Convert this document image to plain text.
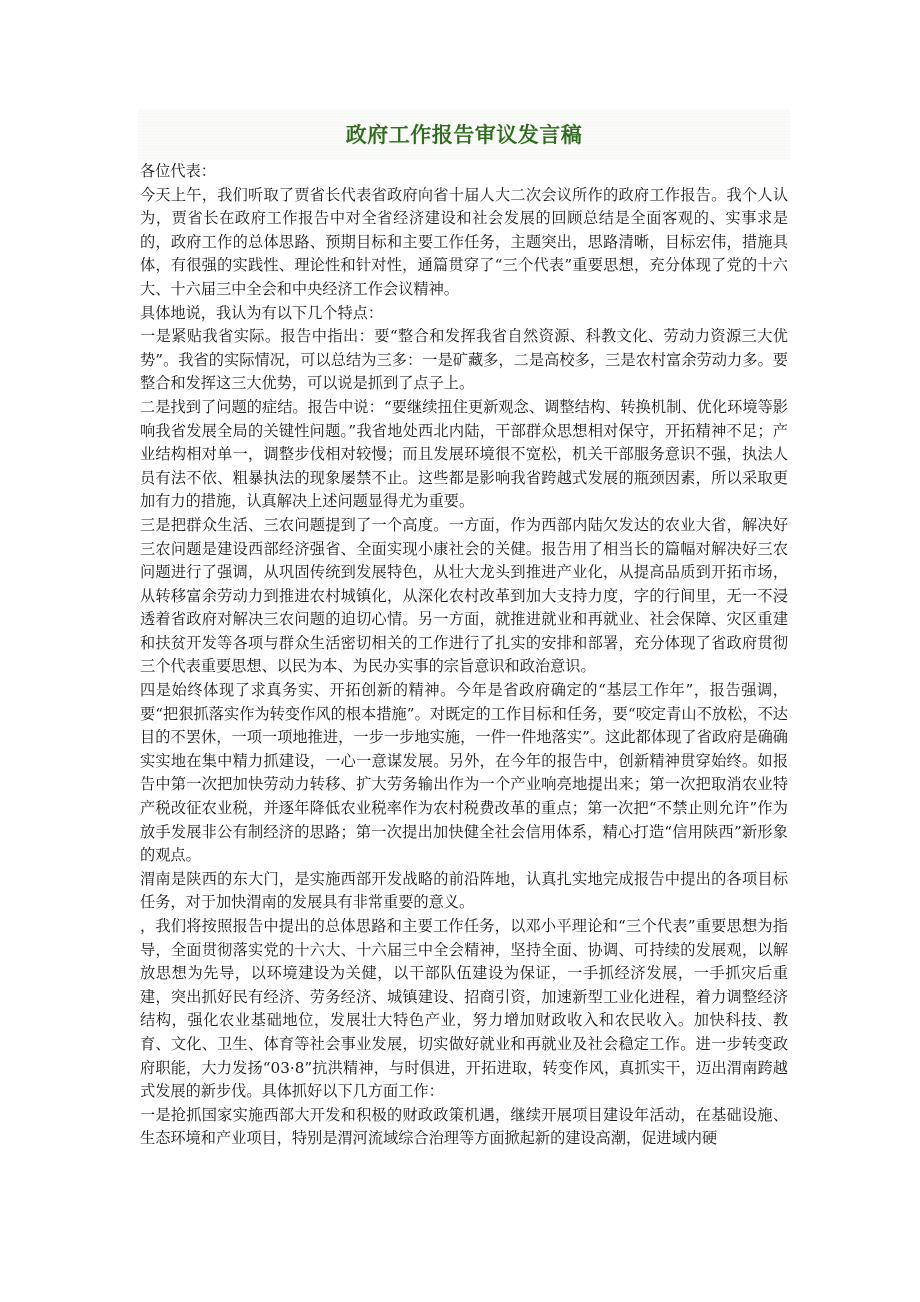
政府工作报告审议发言稿

各位代表：

今天上午，我们听取了贾省长代表省政府向省十届人大二次会议所作的政府工作报告。我个人认为，贾省长在政府工作报告中对全省经济建设和社会发展的回顾总结是全面客观的、实事求是的，政府工作的总体思路、预期目标和主要工作任务，主题突出，思路清晰，目标宏伟，措施具体，有很强的实践性、理论性和针对性，通篇贯穿了“三个代表”重要思想，充分体现了党的十六大、十六届三中全会和中央经济工作会议精神。

具体地说，我认为有以下几个特点：

一是紧贴我省实际。报告中指出：要“整合和发挥我省自然资源、科教文化、劳动力资源三大优势”。我省的实际情况，可以总结为三多：一是矿藏多，二是高校多，三是农村富余劳动力多。要整合和发挥这三大优势，可以说是抓到了点子上。

二是找到了问题的症结。报告中说：“要继续扭住更新观念、调整结构、转换机制、优化环境等影响我省发展全局的关键性问题。”我省地处西北内陆，干部群众思想相对保守，开拓精神不足；产业结构相对单一，调整步伐相对较慢；而且发展环境很不宽松，机关干部服务意识不强，执法人员有法不依、粗暴执法的现象屡禁不止。这些都是影响我省跨越式发展的瓶颈因素，所以采取更加有力的措施，认真解决上述问题显得尤为重要。

三是把群众生活、三农问题提到了一个高度。一方面，作为西部内陆欠发达的农业大省，解决好三农问题是建设西部经济强省、全面实现小康社会的关健。报告用了相当长的篇幅对解决好三农问题进行了强调，从巩固传统到发展特色，从壮大龙头到推进产业化，从提高品质到开拓市场，从转移富余劳动力到推进农村城镇化，从深化农村改革到加大支持力度，字的行间里，无一不浸透着省政府对解决三农问题的迫切心情。另一方面，就推进就业和再就业、社会保障、灾区重建和扶贫开发等各项与群众生活密切相关的工作进行了扎实的安排和部署，充分体现了省政府贯彻三个代表重要思想、以民为本、为民办实事的宗旨意识和政治意识。

四是始终体现了求真务实、开拓创新的精神。今年是省政府确定的“基层工作年”，报告强调，要“把狠抓落实作为转变作风的根本措施”。对既定的工作目标和任务，要“咬定青山不放松，不达目的不罢休，一项一项地推进，一步一步地实施，一件一件地落实”。这此都体现了省政府是确确实实地在集中精力抓建设，一心一意谋发展。另外，在今年的报告中，创新精神贯穿始终。如报告中第一次把加快劳动力转移、扩大劳务输出作为一个产业响亮地提出来；第一次把取消农业特产税改征农业税，并逐年降低农业税率作为农村税费改革的重点；第一次把“不禁止则允许”作为放手发展非公有制经济的思路；第一次提出加快健全社会信用体系，精心打造“信用陕西”新形象的观点。

渭南是陕西的东大门，是实施西部开发战略的前沿阵地，认真扎实地完成报告中提出的各项目标任务，对于加快渭南的发展具有非常重要的意义。

，我们将按照报告中提出的总体思路和主要工作任务，以邓小平理论和“三个代表”重要思想为指导，全面贯彻落实党的十六大、十六届三中全会精神，坚持全面、协调、可持续的发展观，以解放思想为先导，以环境建设为关健，以干部队伍建设为保证，一手抓经济发展，一手抓灾后重建，突出抓好民有经济、劳务经济、城镇建设、招商引资，加速新型工业化进程，着力调整经济结构，强化农业基础地位，发展壮大特色产业，努力增加财政收入和农民收入。加快科技、教育、文化、卫生、体育等社会事业发展，切实做好就业和再就业及社会稳定工作。进一步转变政府职能，大力发扬“03·8”抗洪精神，与时俱进，开拓进取，转变作风，真抓实干，迈出渭南跨越式发展的新步伐。具体抓好以下几方面工作：

一是抢抓国家实施西部大开发和积极的财政政策机遇，继续开展项目建设年活动，在基础设施、生态环境和产业项目，特别是渭河流域综合治理等方面掀起新的建设高潮，促进域内硬
